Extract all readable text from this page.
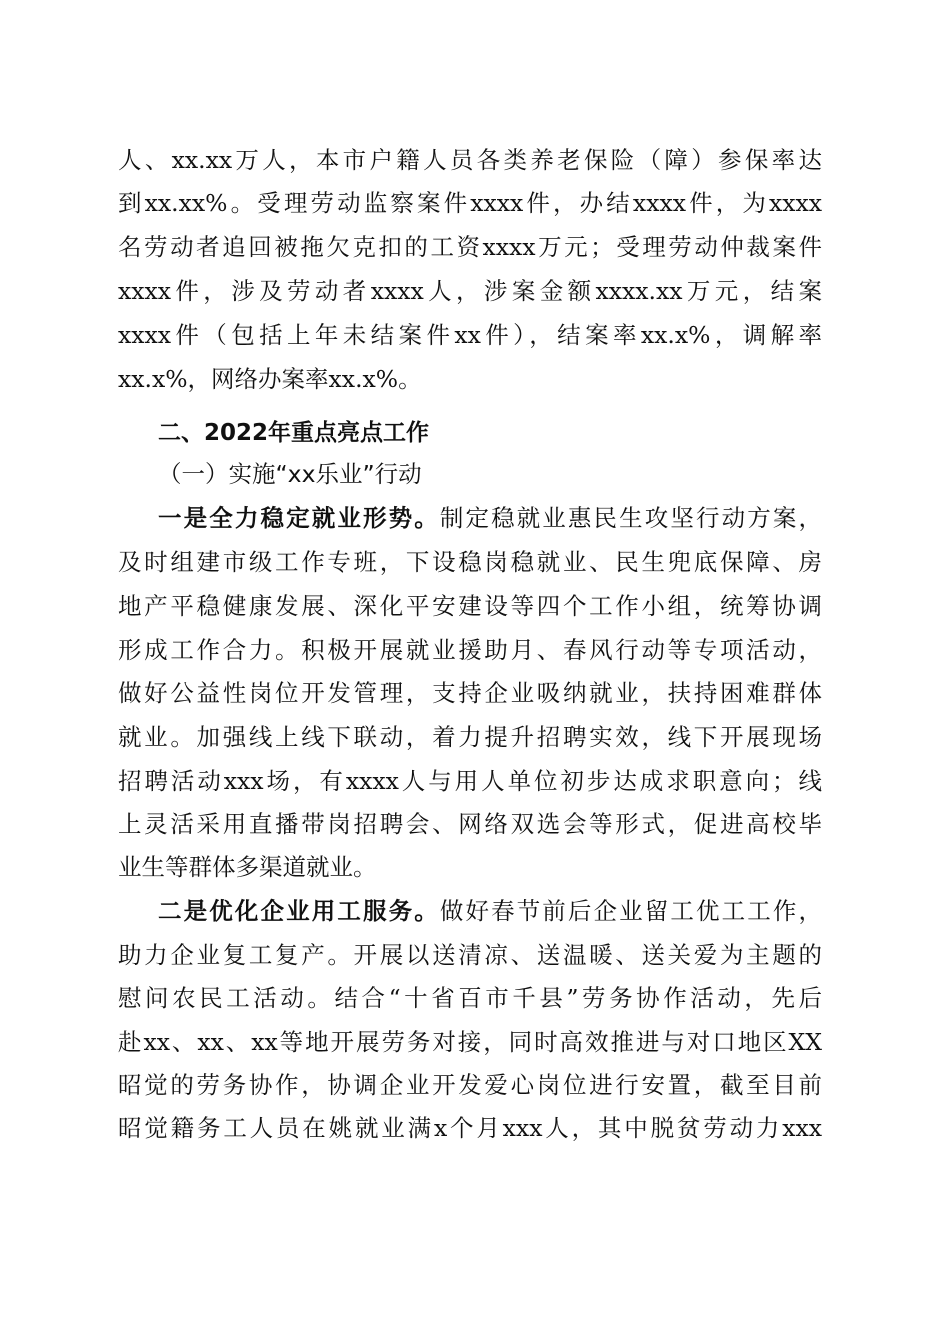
人、xx.xx万人，本市户籍人员各类养老保险（障）参保率达
到xx.xx%。受理劳动监察案件xxxx件，办结xxxx件，为xxxx
名劳动者追回被拖欠克扣的工资xxxx万元；受理劳动仲裁案件
xxxx件，涉及劳动者xxxx人，涉案金额xxxx.xx万元，结案
xxxx件（包括上年未结案件xx件），结案率xx.x%，调解率
xx.x%，网络办案率xx.x%。
二、2022年重点亮点工作
（一）实施“xx乐业”行动
一是全力稳定就业形势。制定稳就业惠民生攻坚行动方案，
及时组建市级工作专班，下设稳岗稳就业、民生兜底保障、房
地产平稳健康发展、深化平安建设等四个工作小组，统筹协调
形成工作合力。积极开展就业援助月、春风行动等专项活动，
做好公益性岗位开发管理，支持企业吸纳就业，扶持困难群体
就业。加强线上线下联动，着力提升招聘实效，线下开展现场
招聘活动xxx场，有xxxx人与用人单位初步达成求职意向；线
上灵活采用直播带岗招聘会、网络双选会等形式，促进高校毕
业生等群体多渠道就业。
二是优化企业用工服务。做好春节前后企业留工优工工作，
助力企业复工复产。开展以送清凉、送温暖、送关爱为主题的
慰问农民工活动。结合“十省百市千县”劳务协作活动，先后
赴xx、xx、xx等地开展劳务对接，同时高效推进与对口地区XX
昭觉的劳务协作，协调企业开发爱心岗位进行安置，截至目前
昭觉籍务工人员在姚就业满x个月xxx人，其中脱贫劳动力xxx
